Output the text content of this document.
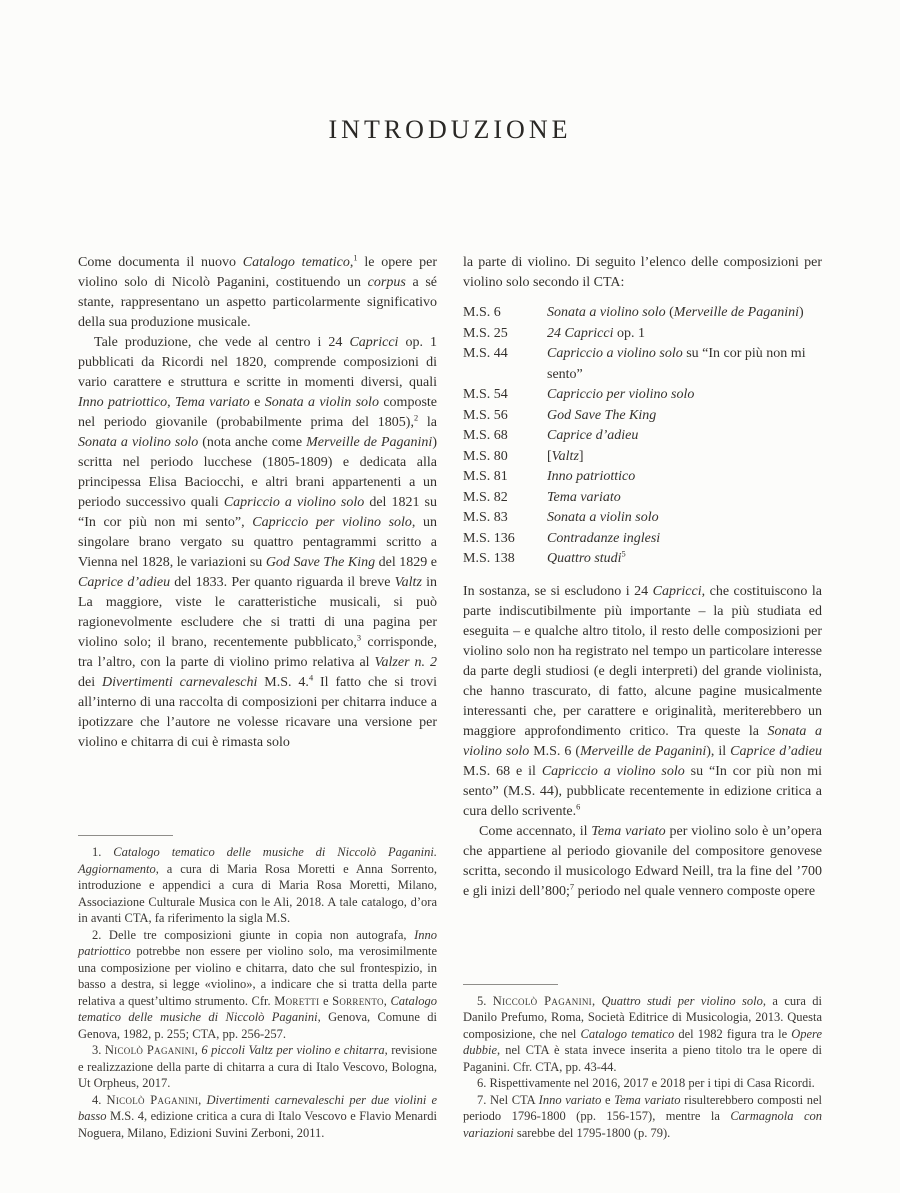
INTRODUZIONE

Come documenta il nuovo Catalogo tematico,$^1$ le opere per violino solo di Nicolò Paganini, costituendo un corpus a sé stante, rappresentano un aspetto particolarmente significativo della sua produzione musicale.

Tale produzione, che vede al centro i 24 Capricci op. 1 pubblicati da Ricordi nel 1820, comprende composizioni di vario carattere e struttura e scritte in momenti diversi, quali Inno patriottico, Tema variato e Sonata a violin solo composte nel periodo giovanile (probabilmente prima del 1805),$^2$ la Sonata a violino solo (nota anche come Merveille de Paganini) scritta nel periodo lucchese (1805-1809) e dedicata alla principessa Elisa Baciocchi, e altri brani appartenenti a un periodo successivo quali Capriccio a violino solo del 1821 su “In cor più non mi sento”, Capriccio per violino solo, un singolare brano vergato su quattro pentagrammi scritto a Vienna nel 1828, le variazioni su God Save The King del 1829 e Caprice d’adieu del 1833. Per quanto riguarda il breve Valtz in La maggiore, viste le caratteristiche musicali, si può ragionevolmente escludere che si tratti di una pagina per violino solo; il brano, recentemente pubblicato,$^3$ corrisponde, tra l’altro, con la parte di violino primo relativa al Valzer n. 2 dei Divertimenti carnevaleschi M.S. 4.$^4$ Il fatto che si trovi all’interno di una raccolta di composizioni per chitarra induce a ipotizzare che l’autore ne volesse ricavare una versione per violino e chitarra di cui è rimasta solo

1. Catalogo tematico delle musiche di Niccolò Paganini. Aggiornamento, a cura di Maria Rosa Moretti e Anna Sorrento, introduzione e appendici a cura di Maria Rosa Moretti, Milano, Associazione Culturale Musica con le Ali, 2018. A tale catalogo, d’ora in avanti CTA, fa riferimento la sigla M.S.

2. Delle tre composizioni giunte in copia non autografa, Inno patriottico potrebbe non essere per violino solo, ma verosimilmente una composizione per violino e chitarra, dato che sul frontespizio, in basso a destra, si legge «violino», a indicare che si tratta della parte relativa a quest’ultimo strumento. Cfr. Moretti e Sorrento, Catalogo tematico delle musiche di Niccolò Paganini, Genova, Comune di Genova, 1982, p. 255; CTA, pp. 256-257.

3. Nicolò Paganini, 6 piccoli Valtz per violino e chitarra, revisione e realizzazione della parte di chitarra a cura di Italo Vescovo, Bologna, Ut Orpheus, 2017.

4. Nicolò Paganini, Divertimenti carnevaleschi per due violini e basso M.S. 4, edizione critica a cura di Italo Vescovo e Flavio Menardi Noguera, Milano, Edizioni Suvini Zerboni, 2011.

la parte di violino. Di seguito l’elenco delle composizioni per violino solo secondo il CTA:

M.S. 6	Sonata a violino solo (Merveille de Paganini)
M.S. 25	24 Capricci op. 1
M.S. 44	Capriccio a violino solo su “In cor più non mi sento”
M.S. 54	Capriccio per violino solo
M.S. 56	God Save The King
M.S. 68	Caprice d’adieu
M.S. 80	[Valtz]
M.S. 81	Inno patriottico
M.S. 82	Tema variato
M.S. 83	Sonata a violin solo
M.S. 136	Contradanze inglesi
M.S. 138	Quattro studi$^5$

In sostanza, se si escludono i 24 Capricci, che costituiscono la parte indiscutibilmente più importante – la più studiata ed eseguita – e qualche altro titolo, il resto delle composizioni per violino solo non ha registrato nel tempo un particolare interesse da parte degli studiosi (e degli interpreti) del grande violinista, che hanno trascurato, di fatto, alcune pagine musicalmente interessanti che, per carattere e originalità, meriterebbero un maggiore approfondimento critico. Tra queste la Sonata a violino solo M.S. 6 (Merveille de Paganini), il Caprice d’adieu M.S. 68 e il Capriccio a violino solo su “In cor più non mi sento” (M.S. 44), pubblicate recentemente in edizione critica a cura dello scrivente.$^6$

Come accennato, il Tema variato per violino solo è un’opera che appartiene al periodo giovanile del compositore genovese scritta, secondo il musicologo Edward Neill, tra la fine del ’700 e gli inizi dell’800;$^7$ periodo nel quale vennero composte opere

5. Niccolò Paganini, Quattro studi per violino solo, a cura di Danilo Prefumo, Roma, Società Editrice di Musicologia, 2013. Questa composizione, che nel Catalogo tematico del 1982 figura tra le Opere dubbie, nel CTA è stata invece inserita a pieno titolo tra le opere di Paganini. Cfr. CTA, pp. 43-44.

6. Rispettivamente nel 2016, 2017 e 2018 per i tipi di Casa Ricordi.

7. Nel CTA Inno variato e Tema variato risulterebbero composti nel periodo 1796-1800 (pp. 156-157), mentre la Carmagnola con variazioni sarebbe del 1795-1800 (p. 79).
